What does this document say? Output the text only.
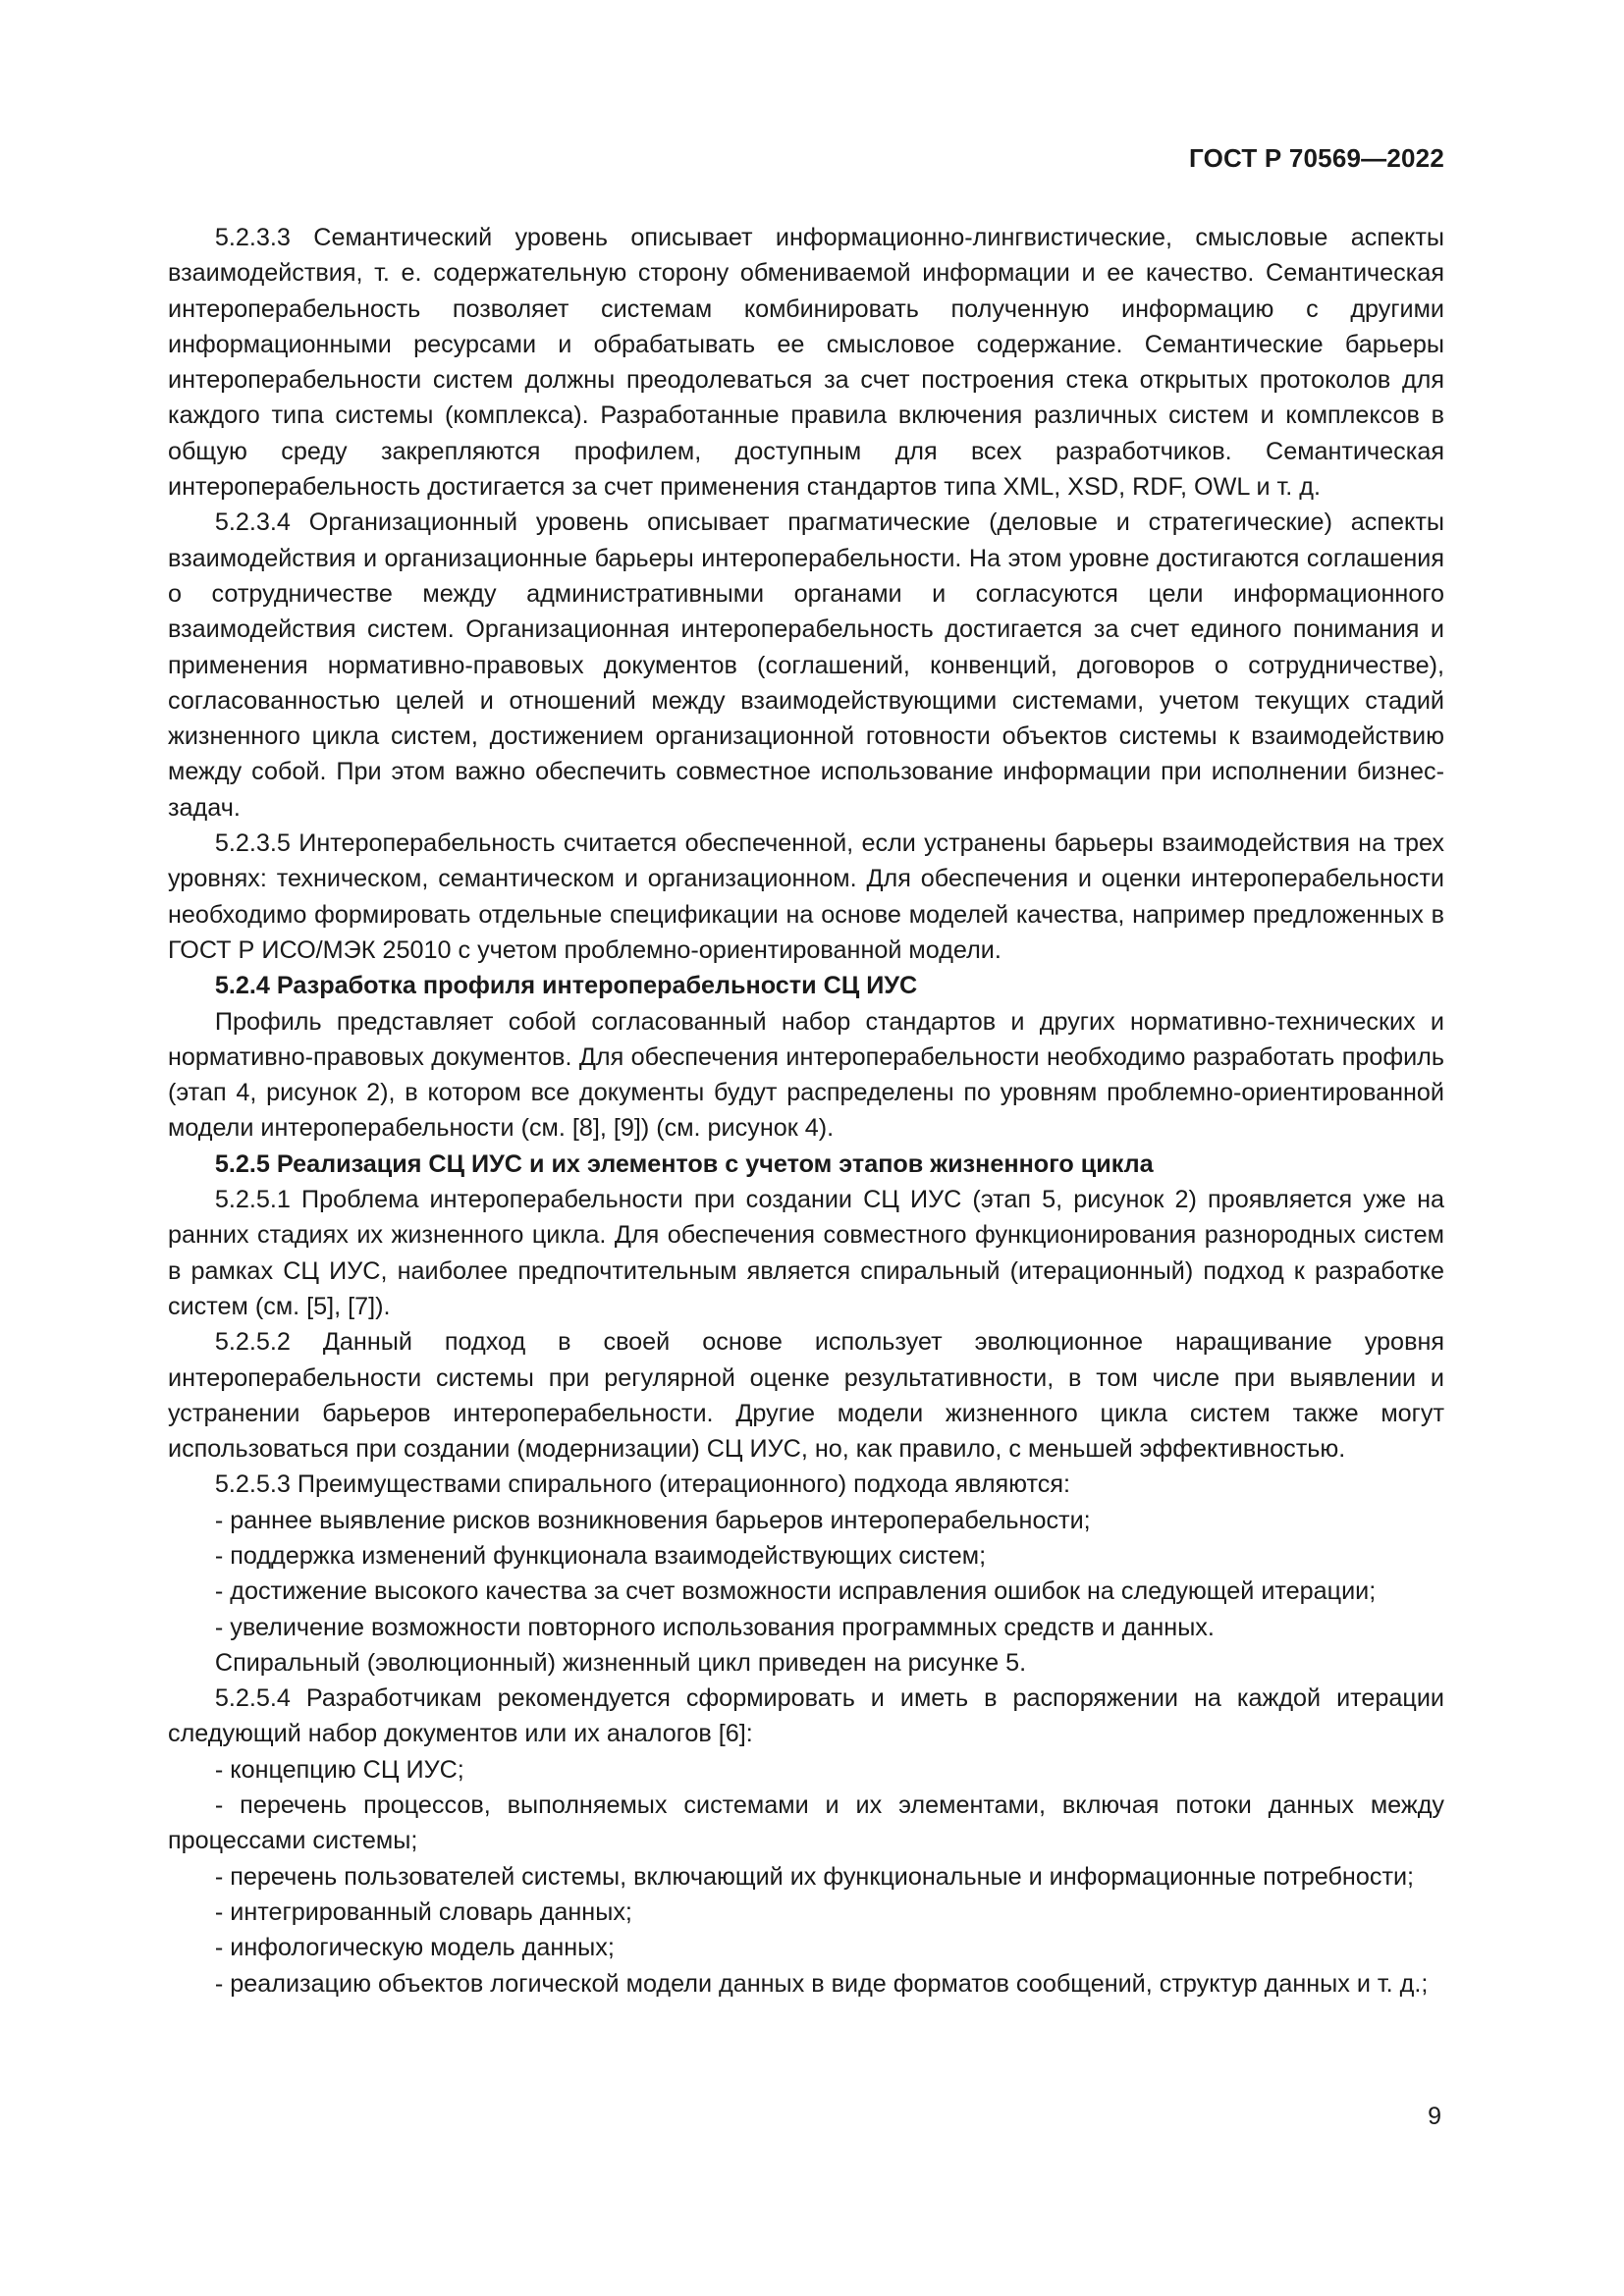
ГОСТ Р 70569—2022

5.2.3.3 Семантический уровень описывает информационно-лингвистические, смысловые аспекты взаимодействия, т. е. содержательную сторону обмениваемой информации и ее качество. Семантическая интероперабельность позволяет системам комбинировать полученную информацию с другими информационными ресурсами и обрабатывать ее смысловое содержание. Семантические барьеры интероперабельности систем должны преодолеваться за счет построения стека открытых протоколов для каждого типа системы (комплекса). Разработанные правила включения различных систем и комплексов в общую среду закрепляются профилем, доступным для всех разработчиков. Семантическая интероперабельность достигается за счет применения стандартов типа XML, XSD, RDF, OWL и т. д.

5.2.3.4 Организационный уровень описывает прагматические (деловые и стратегические) аспекты взаимодействия и организационные барьеры интероперабельности. На этом уровне достигаются соглашения о сотрудничестве между административными органами и согласуются цели информационного взаимодействия систем. Организационная интероперабельность достигается за счет единого понимания и применения нормативно-правовых документов (соглашений, конвенций, договоров о сотрудничестве), согласованностью целей и отношений между взаимодействующими системами, учетом текущих стадий жизненного цикла систем, достижением организационной готовности объектов системы к взаимодействию между собой. При этом важно обеспечить совместное использование информации при исполнении бизнес-задач.

5.2.3.5 Интероперабельность считается обеспеченной, если устранены барьеры взаимодействия на трех уровнях: техническом, семантическом и организационном. Для обеспечения и оценки интероперабельности необходимо формировать отдельные спецификации на основе моделей качества, например предложенных в ГОСТ Р ИСО/МЭК 25010 с учетом проблемно-ориентированной модели.

5.2.4 Разработка профиля интероперабельности СЦ ИУС

Профиль представляет собой согласованный набор стандартов и других нормативно-технических и нормативно-правовых документов. Для обеспечения интероперабельности необходимо разработать профиль (этап 4, рисунок 2), в котором все документы будут распределены по уровням проблемно-ориентированной модели интероперабельности (см. [8], [9]) (см. рисунок 4).

5.2.5 Реализация СЦ ИУС и их элементов с учетом этапов жизненного цикла

5.2.5.1 Проблема интероперабельности при создании СЦ ИУС (этап 5, рисунок 2) проявляется уже на ранних стадиях их жизненного цикла. Для обеспечения совместного функционирования разнородных систем в рамках СЦ ИУС, наиболее предпочтительным является спиральный (итерационный) подход к разработке систем (см. [5], [7]).

5.2.5.2 Данный подход в своей основе использует эволюционное наращивание уровня интероперабельности системы при регулярной оценке результативности, в том числе при выявлении и устранении барьеров интероперабельности. Другие модели жизненного цикла систем также могут использоваться при создании (модернизации) СЦ ИУС, но, как правило, с меньшей эффективностью.

5.2.5.3 Преимуществами спирального (итерационного) подхода являются:

- раннее выявление рисков возникновения барьеров интероперабельности;

- поддержка изменений функционала взаимодействующих систем;

- достижение высокого качества за счет возможности исправления ошибок на следующей итерации;

- увеличение возможности повторного использования программных средств и данных.

Спиральный (эволюционный) жизненный цикл приведен на рисунке 5.

5.2.5.4 Разработчикам рекомендуется сформировать и иметь в распоряжении на каждой итерации следующий набор документов или их аналогов [6]:

- концепцию СЦ ИУС;

- перечень процессов, выполняемых системами и их элементами, включая потоки данных между процессами системы;

- перечень пользователей системы, включающий их функциональные и информационные потребности;

- интегрированный словарь данных;

- инфологическую модель данных;

- реализацию объектов логической модели данных в виде форматов сообщений, структур данных и т. д.;

9
